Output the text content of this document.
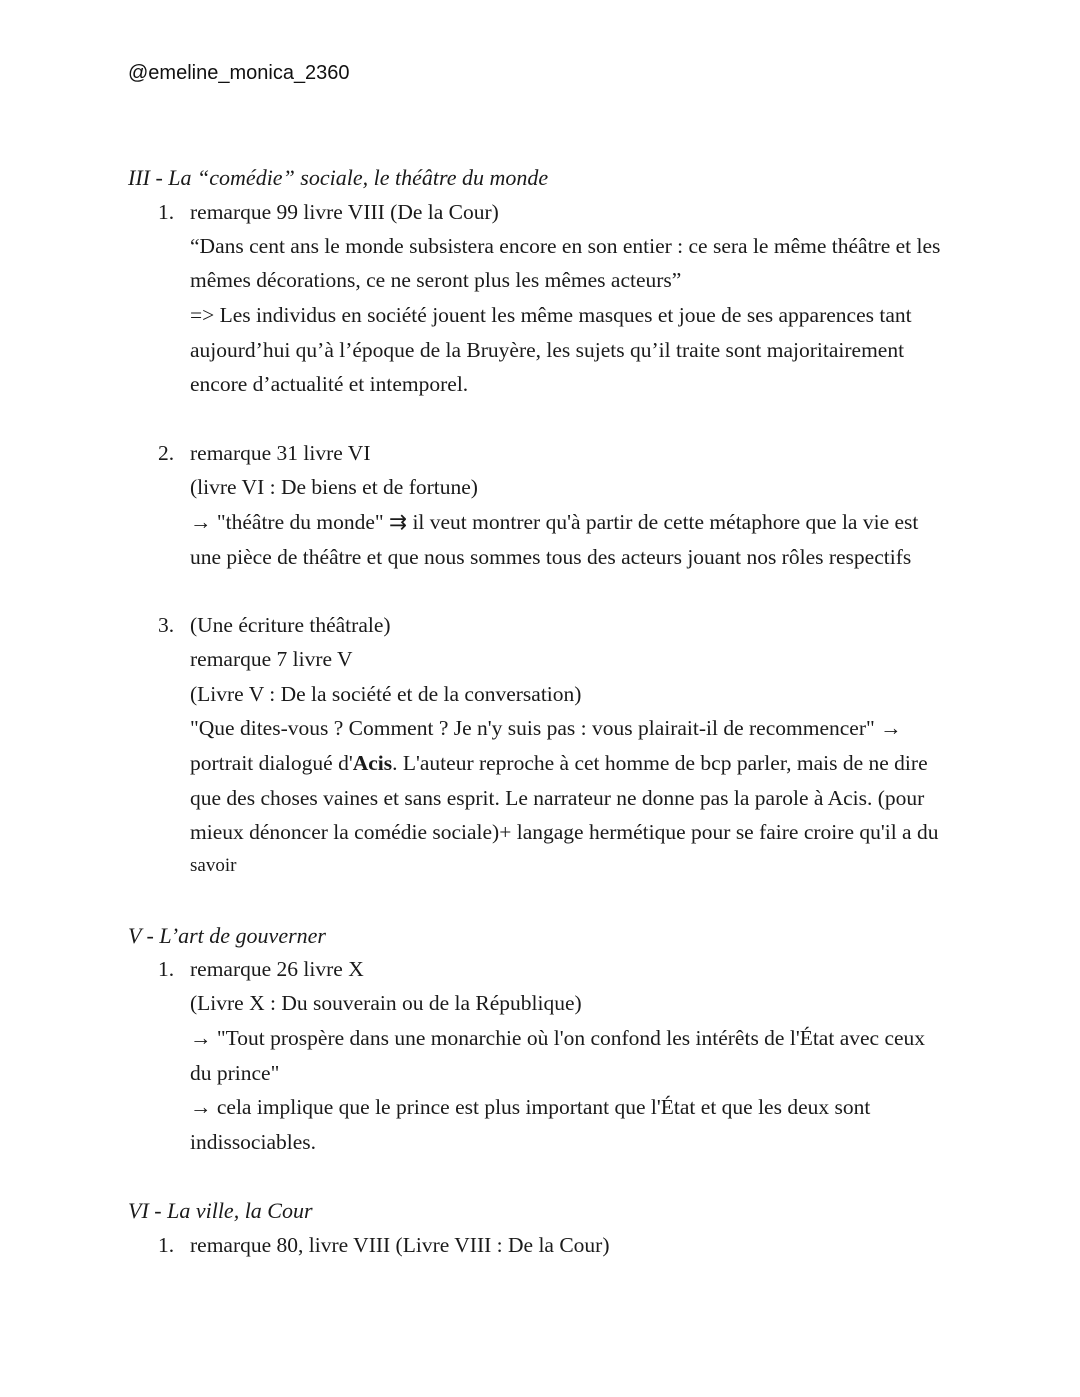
@emeline_monica_2360
III - La “comédie” sociale, le théâtre du monde
1. remarque 99 livre VIII (De la Cour)
“Dans cent ans le monde subsistera encore en son entier : ce sera le même théâtre et les
mêmes décorations, ce ne seront plus les mêmes acteurs”
=> Les individus en société jouent les même masques et joue de ses apparences tant
aujourd’hui qu’à l’époque de la Bruyère, les sujets qu’il traite sont majoritairement
encore d’actualité et intemporel.
2. remarque 31 livre VI
(livre VI : De biens et de fortune)
→ "théâtre du monde" ⇉ il veut montrer qu'à partir de cette métaphore que la vie est
une pièce de théâtre et que nous sommes tous des acteurs jouant nos rôles respectifs
3. (Une écriture théâtrale)
remarque 7 livre V
(Livre V : De la société et de la conversation)
"Que dites-vous ? Comment ? Je n'y suis pas : vous plairait-il de recommencer" →
portrait dialogué d'Acis. L'auteur reproche à cet homme de bcp parler, mais de ne dire
que des choses vaines et sans esprit. Le narrateur ne donne pas la parole à Acis. (pour
mieux dénoncer la comédie sociale)+ langage hermétique pour se faire croire qu'il a du
savoir
V - L’art de gouverner
1. remarque 26 livre X
(Livre X : Du souverain ou de la République)
→ "Tout prospère dans une monarchie où l'on confond les intérêts de l'État avec ceux
du prince"
→ cela implique que le prince est plus important que l'État et que les deux sont
indissociables.
VI - La ville, la Cour
1. remarque 80, livre VIII (Livre VIII : De la Cour)
